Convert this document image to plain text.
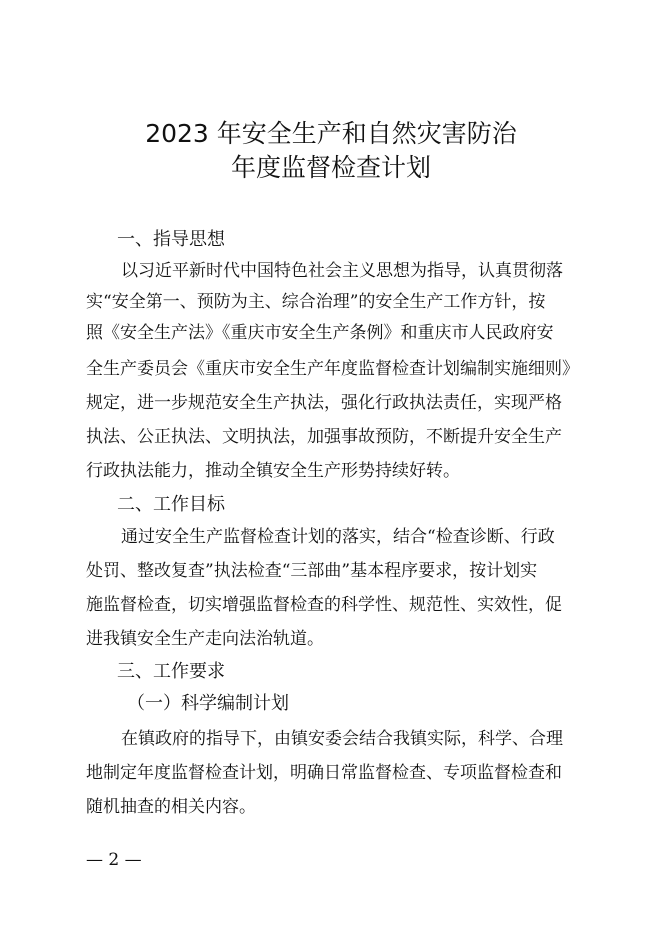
2023 年安全生产和自然灾害防治
年度监督检查计划
一、指导思想
以习近平新时代中国特色社会主义思想为指导，认真贯彻落
实“安全第一、预防为主、综合治理”的安全生产工作方针，按
照《安全生产法》《重庆市安全生产条例》和重庆市人民政府安
全生产委员会《重庆市安全生产年度监督检查计划编制实施细则》
规定，进一步规范安全生产执法，强化行政执法责任，实现严格
执法、公正执法、文明执法，加强事故预防，不断提升安全生产
行政执法能力，推动全镇安全生产形势持续好转。
二、工作目标
通过安全生产监督检查计划的落实，结合“检查诊断、行政
处罚、整改复查”执法检查“三部曲”基本程序要求，按计划实
施监督检查，切实增强监督检查的科学性、规范性、实效性，促
进我镇安全生产走向法治轨道。
三、工作要求
（一）科学编制计划
在镇政府的指导下，由镇安委会结合我镇实际，科学、合理
地制定年度监督检查计划，明确日常监督检查、专项监督检查和
随机抽查的相关内容。
— 2 —
